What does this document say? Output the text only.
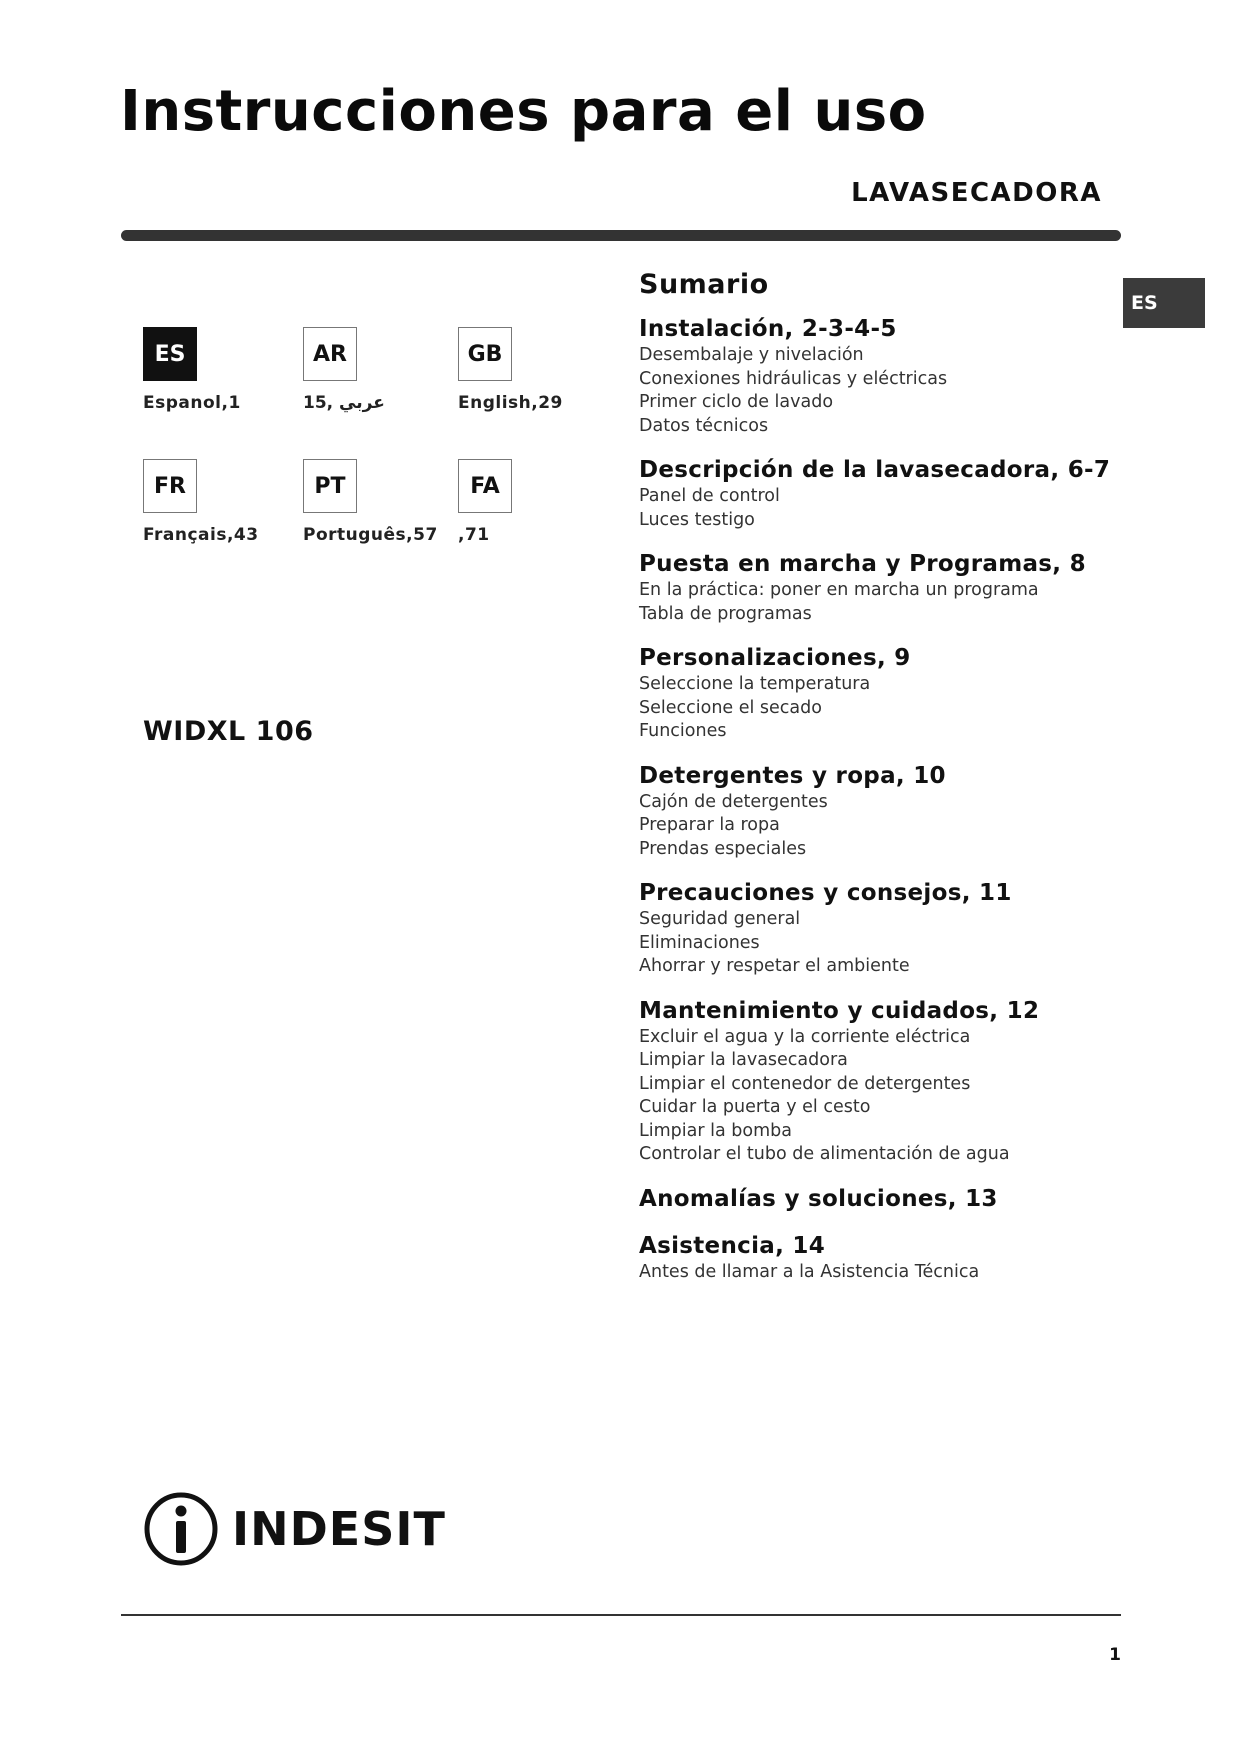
Instrucciones para el uso
LAVASECADORA
ES
ES
Espanol,1
AR
عربي ,15
GB
English,29
FR
Français,43
PT
Português,57
FA
,71
WIDXL 106
Sumario
Instalación, 2-3-4-5
Desembalaje y nivelación
Conexiones hidráulicas y eléctricas
Primer ciclo de lavado
Datos técnicos
Descripción de la lavasecadora, 6-7
Panel de control
Luces testigo
Puesta en marcha y Programas, 8
En la práctica: poner en marcha un programa
Tabla de programas
Personalizaciones, 9
Seleccione la temperatura
Seleccione el secado
Funciones
Detergentes y ropa, 10
Cajón de detergentes
Preparar la ropa
Prendas especiales
Precauciones y consejos, 11
Seguridad general
Eliminaciones
Ahorrar y respetar el ambiente
Mantenimiento y cuidados, 12
Excluir el agua y la corriente eléctrica
Limpiar la lavasecadora
Limpiar el contenedor de detergentes
Cuidar la puerta y el cesto
Limpiar la bomba
Controlar el tubo de alimentación de agua
Anomalías y soluciones, 13
Asistencia, 14
Antes de llamar a la Asistencia Técnica
INDESIT
1
